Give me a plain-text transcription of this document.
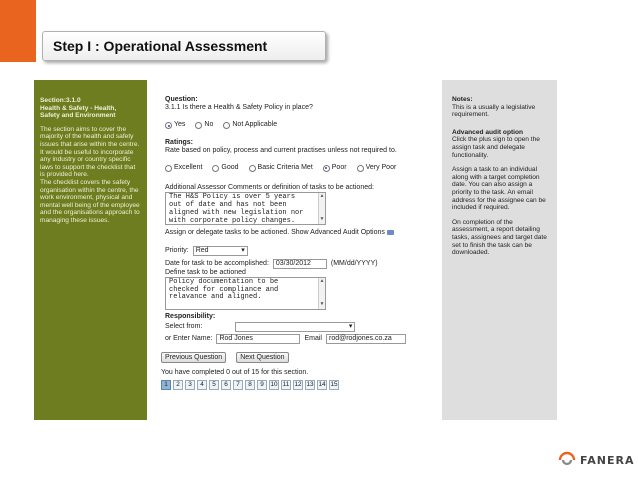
Step I : Operational Assessment
Section:3.1.0
Health & Safety - Health,
Safety and Environment
The section aims to cover the majority of the health and safety issues that arise within the centre. It would be useful to incorporate any industry or country specific laws to support the checklist that is provided here.
The checklist covers the safety organisation within the centre, the work environment, physical and mental well being of the employee and the organisations approach to managing these issues.
Question:
3.1.1 Is there a Health & Safety Policy in place?
Yes	No	Not Applicable
Ratings:
Rate based on policy, process and current practises unless not required to.
Excellent	Good	Basic Criteria Met	Poor	Very Poor
Additional Assessor Comments or definition of tasks to be actioned:
The H&S Policy is over 5 years
out of date and has not been
aligned with new legislation nor
with corporate policy changes.
▲
▼
Assign or delegate tasks to be actioned. Show Advanced Audit Options
Priority: Red	▾
Date for task to be accomplished:	03/30/2012	(MM/dd/YYYY)
Define task to be actioned
Policy documentation to be
checked for compliance and
relavance and aligned.
▲
▼
Responsibility:
Select from:	▾
or Enter Name:	Rod Jones	Email	rod@rodjones.co.za
Previous Question	Next Question
You have completed 0 out of 15 for this section.
1	2	3	4	5	6	7	8	9	10 11 12 13 14 15
Notes:

This is a usually a legislative requirement.

Advanced audit option

Click the plus sign to open the assign task and delegate functionality.

Assign a task to an individual along with a target completion date. You can also assign a priority to the task. An email address for the assignee can be included if required.

On completion of the assessment, a report detailing tasks, assignees and target date set to finish the task can be downloaded.

FANERA
